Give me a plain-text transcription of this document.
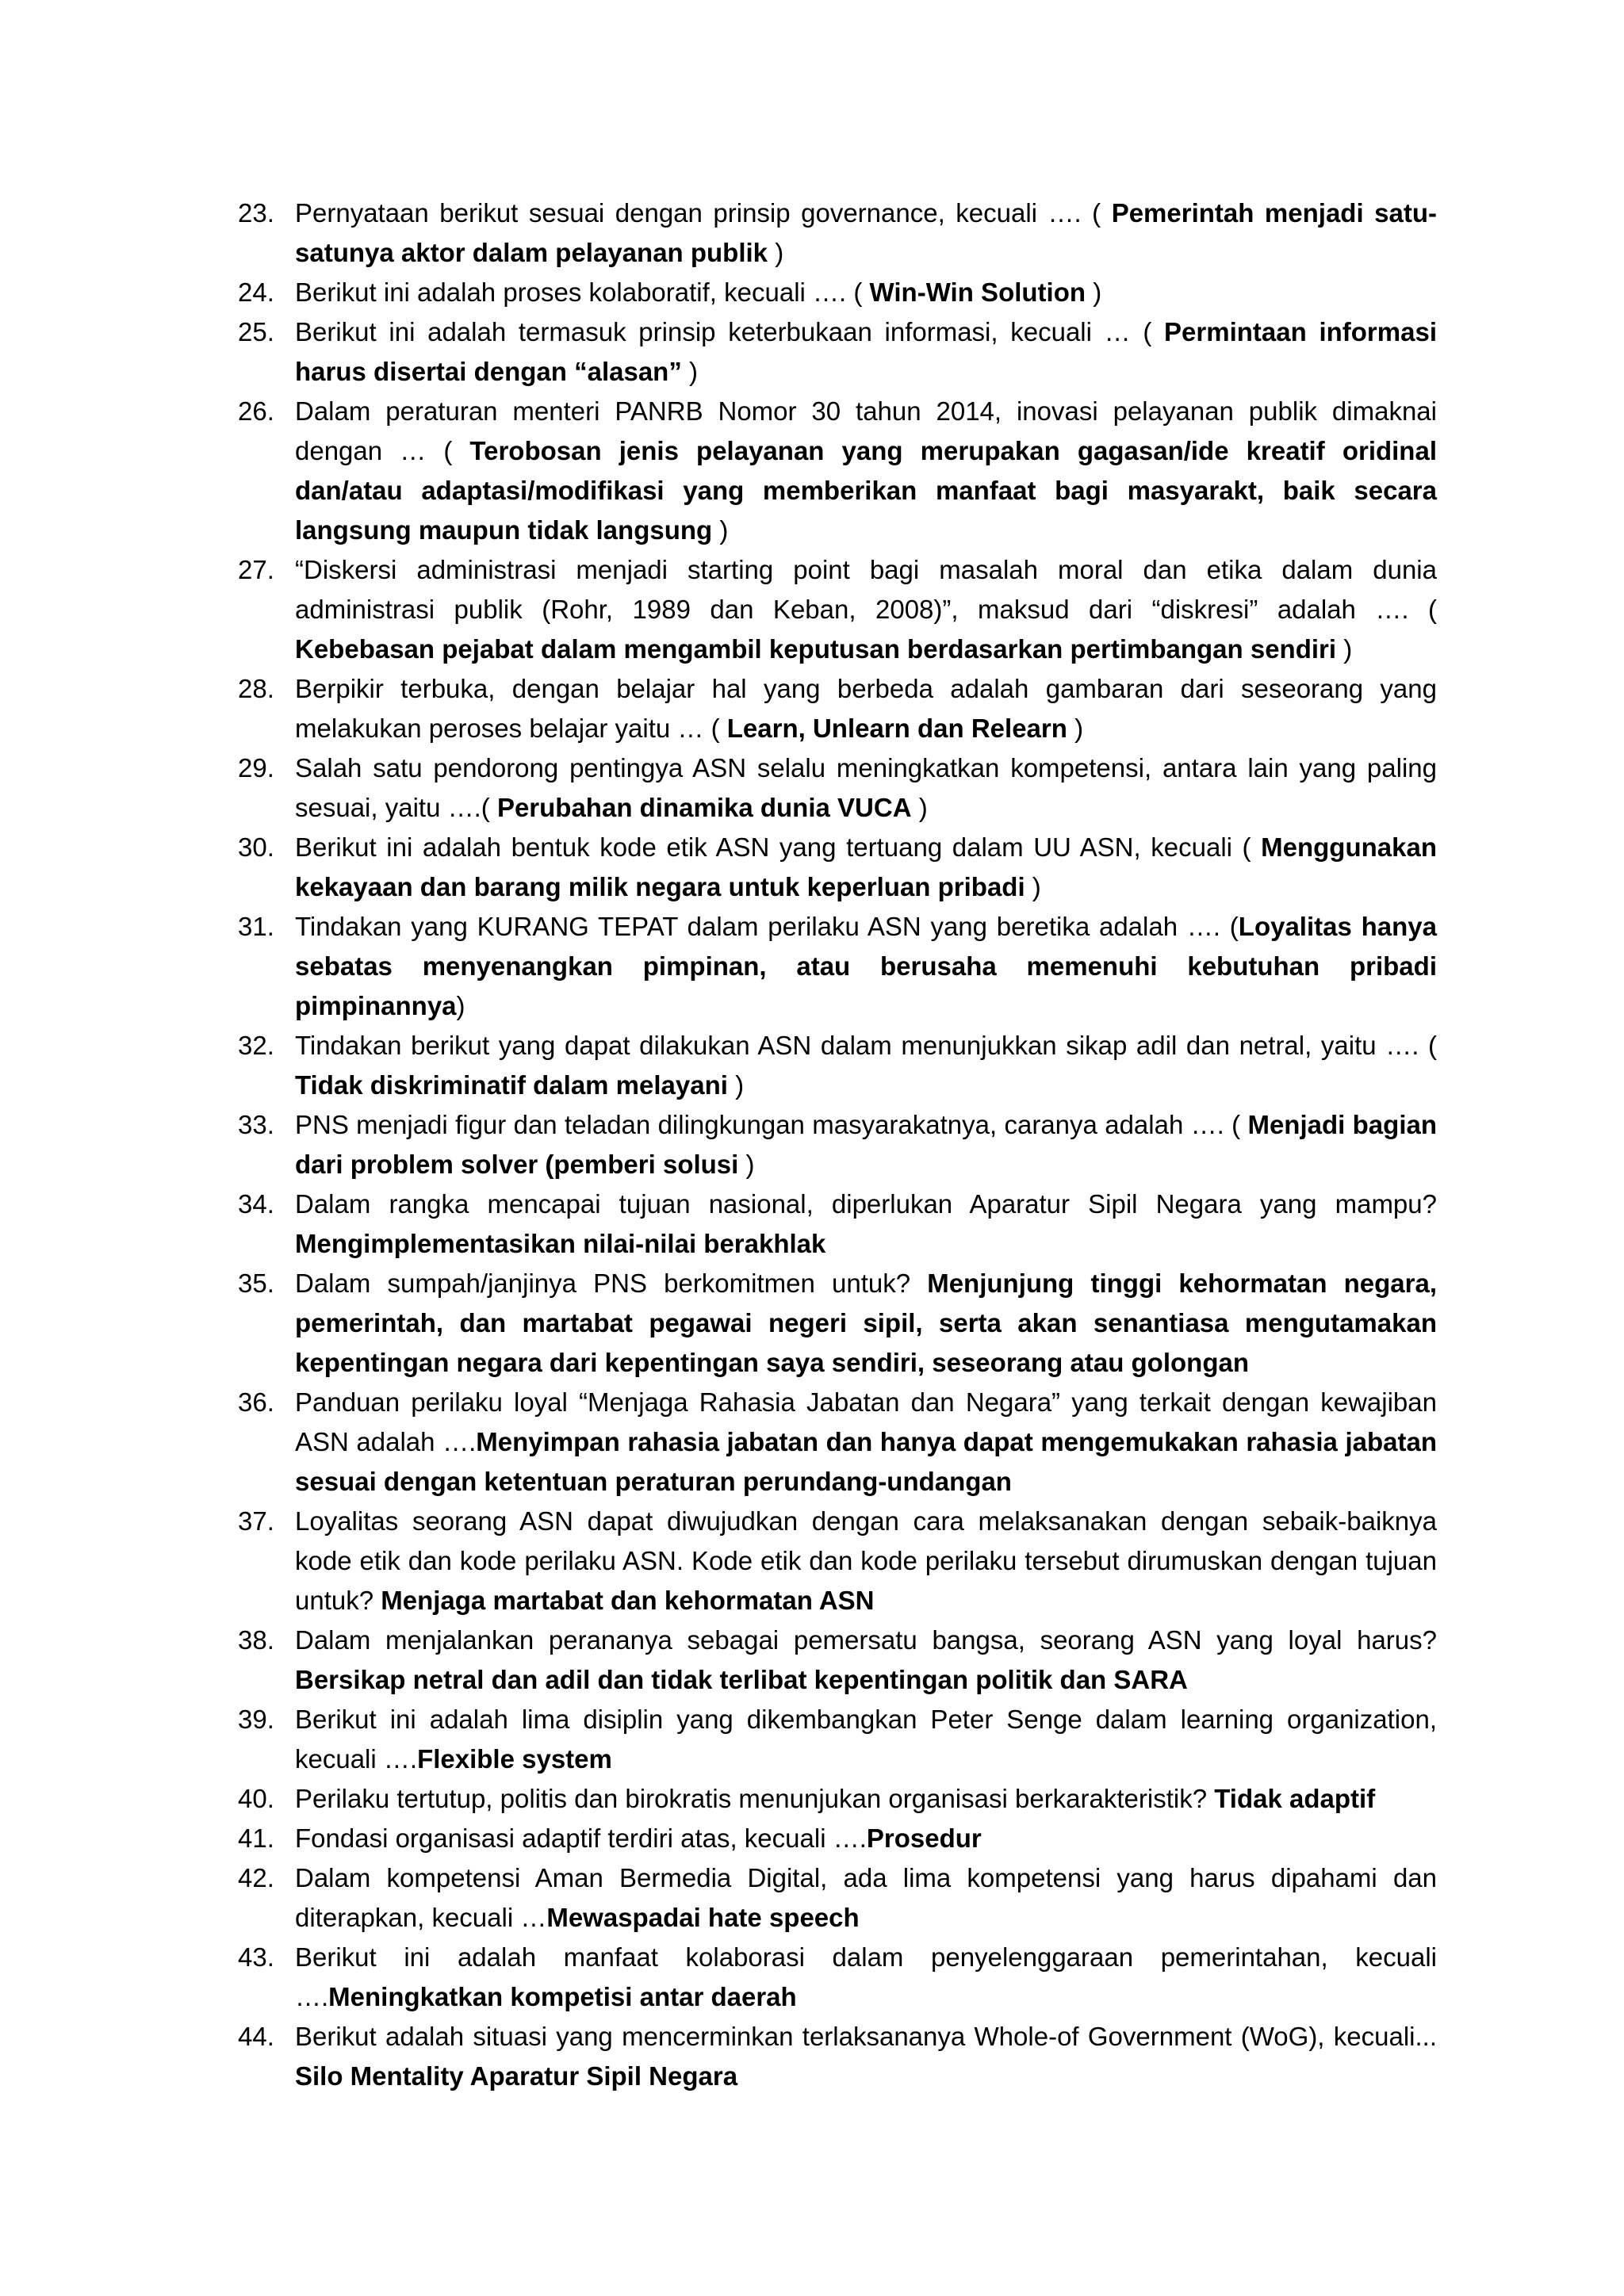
23. Pernyataan berikut sesuai dengan prinsip governance, kecuali …. ( Pemerintah menjadi satu-satunya aktor dalam pelayanan publik )
24. Berikut ini adalah proses kolaboratif, kecuali …. ( Win-Win Solution )
25. Berikut ini adalah termasuk prinsip keterbukaan informasi, kecuali … ( Permintaan informasi harus disertai dengan “alasan” )
26. Dalam peraturan menteri PANRB Nomor 30 tahun 2014, inovasi pelayanan publik dimaknai dengan … ( Terobosan jenis pelayanan yang merupakan gagasan/ide kreatif oridinal dan/atau adaptasi/modifikasi yang memberikan manfaat bagi masyarakt, baik secara langsung maupun tidak langsung )
27. “Diskersi administrasi menjadi starting point bagi masalah moral dan etika dalam dunia administrasi publik (Rohr, 1989 dan Keban, 2008)”, maksud dari “diskresi” adalah …. ( Kebebasan pejabat dalam mengambil keputusan berdasarkan pertimbangan sendiri )
28. Berpikir terbuka, dengan belajar hal yang berbeda adalah gambaran dari seseorang yang melakukan peroses belajar yaitu … ( Learn, Unlearn dan Relearn )
29. Salah satu pendorong pentingya ASN selalu meningkatkan kompetensi, antara lain yang paling sesuai, yaitu ….( Perubahan dinamika dunia VUCA )
30. Berikut ini adalah bentuk kode etik ASN yang tertuang dalam UU ASN, kecuali ( Menggunakan kekayaan dan barang milik negara untuk keperluan pribadi )
31. Tindakan yang KURANG TEPAT dalam perilaku ASN yang beretika adalah …. (Loyalitas hanya sebatas menyenangkan pimpinan, atau berusaha memenuhi kebutuhan pribadi pimpinannya)
32. Tindakan berikut yang dapat dilakukan ASN dalam menunjukkan sikap adil dan netral, yaitu …. ( Tidak diskriminatif dalam melayani )
33. PNS menjadi figur dan teladan dilingkungan masyarakatnya, caranya adalah …. ( Menjadi bagian dari problem solver (pemberi solusi )
34. Dalam rangka mencapai tujuan nasional, diperlukan Aparatur Sipil Negara yang mampu? Mengimplementasikan nilai-nilai berakhlak
35. Dalam sumpah/janjinya PNS berkomitmen untuk? Menjunjung tinggi kehormatan negara, pemerintah, dan martabat pegawai negeri sipil, serta akan senantiasa mengutamakan kepentingan negara dari kepentingan saya sendiri, seseorang atau golongan
36. Panduan perilaku loyal “Menjaga Rahasia Jabatan dan Negara” yang terkait dengan kewajiban ASN adalah ….Menyimpan rahasia jabatan dan hanya dapat mengemukakan rahasia jabatan sesuai dengan ketentuan peraturan perundang-undangan
37. Loyalitas seorang ASN dapat diwujudkan dengan cara melaksanakan dengan sebaik-baiknya kode etik dan kode perilaku ASN. Kode etik dan kode perilaku tersebut dirumuskan dengan tujuan untuk? Menjaga martabat dan kehormatan ASN
38. Dalam menjalankan perananya sebagai pemersatu bangsa, seorang ASN yang loyal harus? Bersikap netral dan adil dan tidak terlibat kepentingan politik dan SARA
39. Berikut ini adalah lima disiplin yang dikembangkan Peter Senge dalam learning organization, kecuali ….Flexible system
40. Perilaku tertutup, politis dan birokratis menunjukan organisasi berkarakteristik? Tidak adaptif
41. Fondasi organisasi adaptif terdiri atas, kecuali ….Prosedur
42. Dalam kompetensi Aman Bermedia Digital, ada lima kompetensi yang harus dipahami dan diterapkan, kecuali …Mewaspadai hate speech
43. Berikut ini adalah manfaat kolaborasi dalam penyelenggaraan pemerintahan, kecuali ….Meningkatkan kompetisi antar daerah
44. Berikut adalah situasi yang mencerminkan terlaksananya Whole-of Government (WoG), kecuali... Silo Mentality Aparatur Sipil Negara
